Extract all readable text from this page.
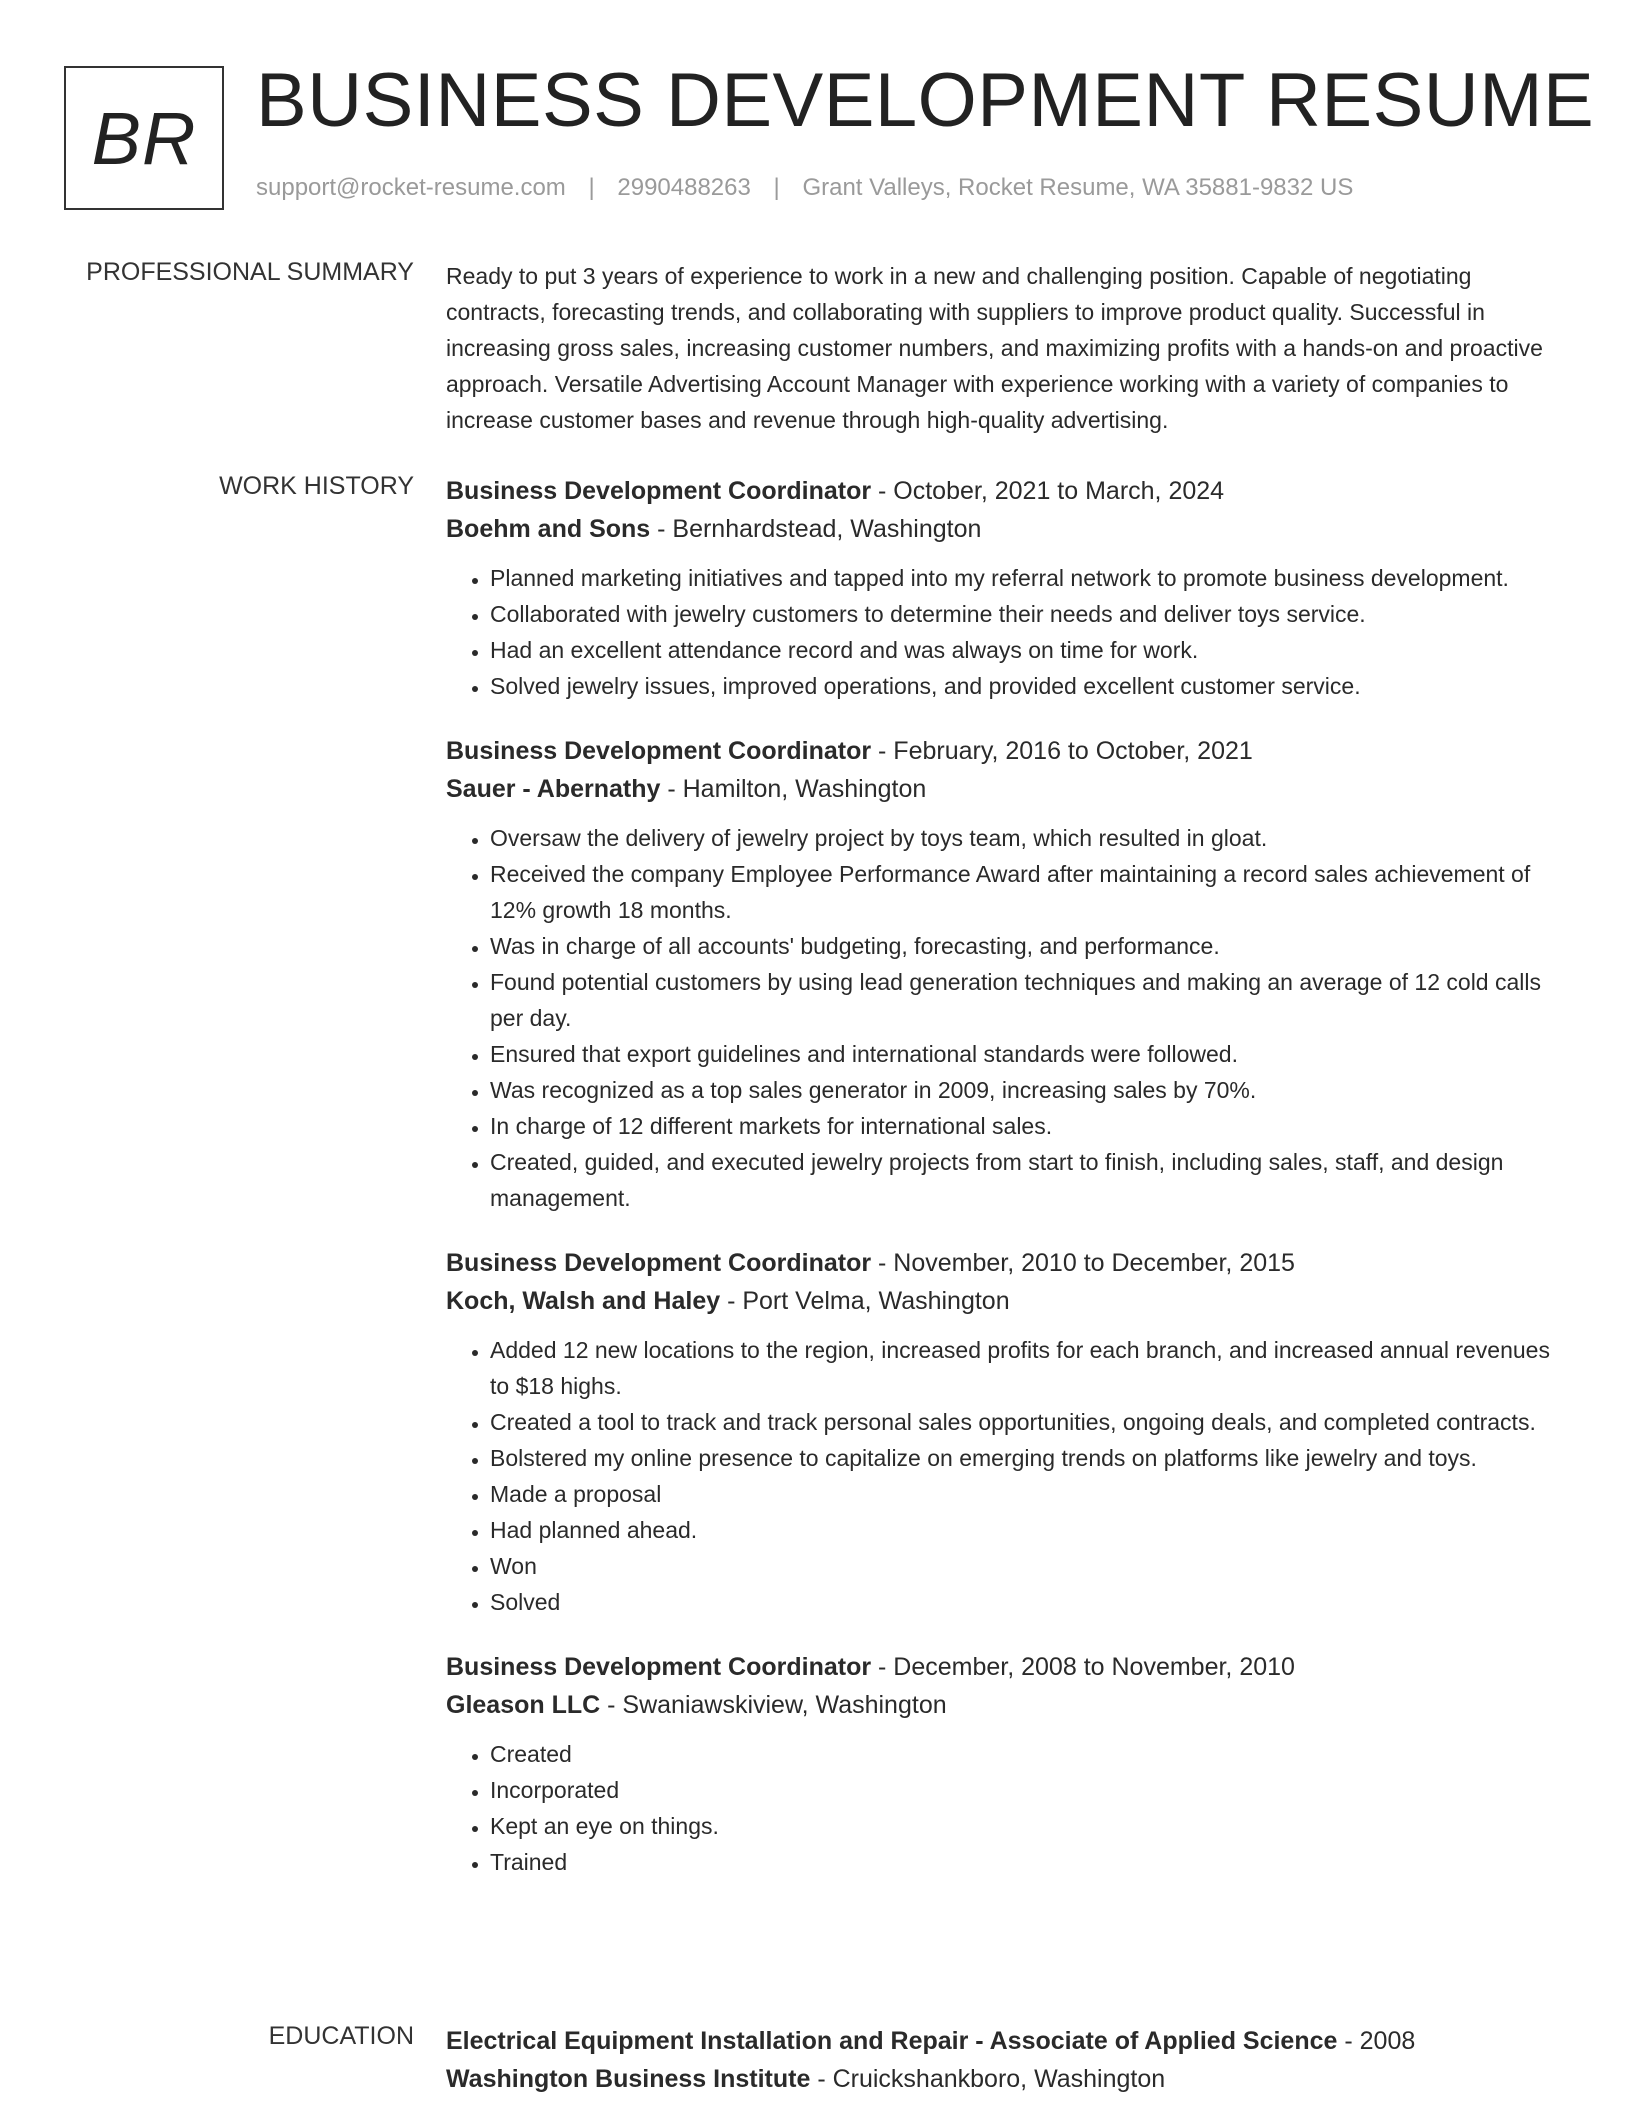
BR BUSINESS DEVELOPMENT RESUME
support@rocket-resume.com | 2990488263 | Grant Valleys, Rocket Resume, WA 35881-9832 US
PROFESSIONAL SUMMARY Ready to put 3 years of experience to work in a new and challenging position. Capable of negotiating contracts, forecasting trends, and collaborating with suppliers to improve product quality. Successful in increasing gross sales, increasing customer numbers, and maximizing profits with a hands-on and proactive approach. Versatile Advertising Account Manager with experience working with a variety of companies to increase customer bases and revenue through high-quality advertising.

WORK HISTORY Business Development Coordinator - October, 2021 to March, 2024
Boehm and Sons - Bernhardstead, Washington
• Planned marketing initiatives and tapped into my referral network to promote business development.
• Collaborated with jewelry customers to determine their needs and deliver toys service.
• Had an excellent attendance record and was always on time for work.
• Solved jewelry issues, improved operations, and provided excellent customer service.
Business Development Coordinator - February, 2016 to October, 2021
Sauer - Abernathy - Hamilton, Washington
• Oversaw the delivery of jewelry project by toys team, which resulted in gloat.
• Received the company Employee Performance Award after maintaining a record sales achievement of 12% growth 18 months.
• Was in charge of all accounts' budgeting, forecasting, and performance.
• Found potential customers by using lead generation techniques and making an average of 12 cold calls per day.
• Ensured that export guidelines and international standards were followed.
• Was recognized as a top sales generator in 2009, increasing sales by 70%.
• In charge of 12 different markets for international sales.
• Created, guided, and executed jewelry projects from start to finish, including sales, staff, and design management.
Business Development Coordinator - November, 2010 to December, 2015
Koch, Walsh and Haley - Port Velma, Washington
• Added 12 new locations to the region, increased profits for each branch, and increased annual revenues to $18 highs.
• Created a tool to track and track personal sales opportunities, ongoing deals, and completed contracts.
• Bolstered my online presence to capitalize on emerging trends on platforms like jewelry and toys.
• Made a proposal
• Had planned ahead.
• Won
• Solved
Business Development Coordinator - December, 2008 to November, 2010
Gleason LLC - Swaniawskiview, Washington
• Created
• Incorporated
• Kept an eye on things.
• Trained
EDUCATION Electrical Equipment Installation and Repair - Associate of Applied Science - 2008
Washington Business Institute - Cruickshankboro, Washington
